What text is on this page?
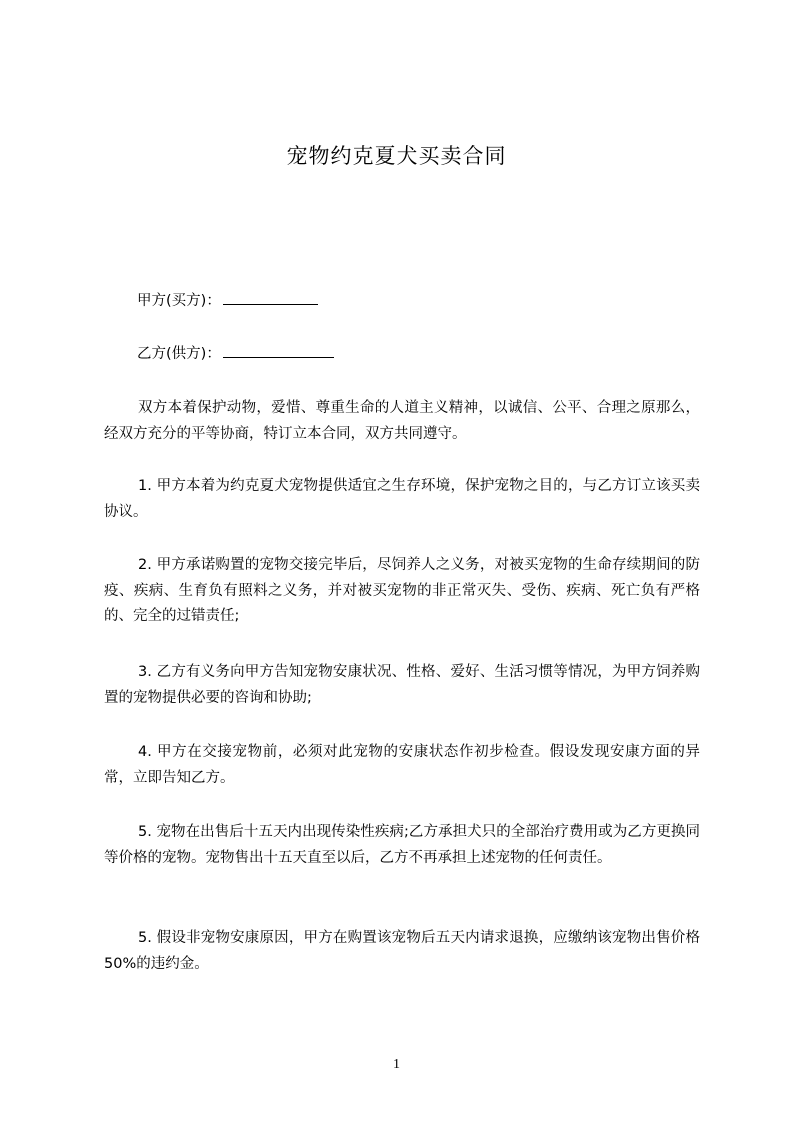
宠物约克夏犬买卖合同
甲方(买方)：
乙方(供方)：
双方本着保护动物，爱惜、尊重生命的人道主义精神，以诚信、公平、合理之原那么，经双方充分的平等协商，特订立本合同，双方共同遵守。
1. 甲方本着为约克夏犬宠物提供适宜之生存环境，保护宠物之目的，与乙方订立该买卖协议。
2. 甲方承诺购置的宠物交接完毕后，尽饲养人之义务，对被买宠物的生命存续期间的防疫、疾病、生育负有照料之义务，并对被买宠物的非正常灭失、受伤、疾病、死亡负有严格的、完全的过错责任;
3. 乙方有义务向甲方告知宠物安康状况、性格、爱好、生活习惯等情况，为甲方饲养购置的宠物提供必要的咨询和协助;
4. 甲方在交接宠物前，必须对此宠物的安康状态作初步检查。假设发现安康方面的异常，立即告知乙方。
5. 宠物在出售后十五天内出现传染性疾病;乙方承担犬只的全部治疗费用或为乙方更换同等价格的宠物。宠物售出十五天直至以后，乙方不再承担上述宠物的任何责任。
5. 假设非宠物安康原因，甲方在购置该宠物后五天内请求退换，应缴纳该宠物出售价格 50%的违约金。
1
